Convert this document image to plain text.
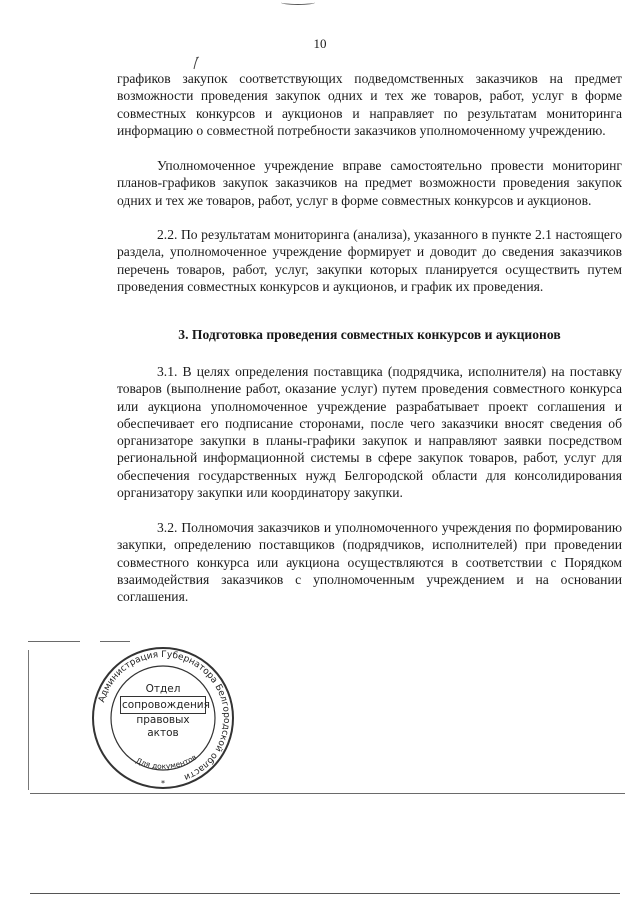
10

графиков закупок соответствующих подведомственных заказчиков на предмет возможности проведения закупок одних и тех же товаров, работ, услуг в форме совместных конкурсов и аукционов и направляет по результатам мониторинга информацию о совместной потребности заказчиков уполномоченному учреждению.

Уполномоченное учреждение вправе самостоятельно провести мониторинг планов-графиков закупок заказчиков на предмет возможности проведения закупок одних и тех же товаров, работ, услуг в форме совместных конкурсов и аукционов.

2.2. По результатам мониторинга (анализа), указанного в пункте 2.1 настоящего раздела, уполномоченное учреждение формирует и доводит до сведения заказчиков перечень товаров, работ, услуг, закупки которых планируется осуществить путем проведения совместных конкурсов и аукционов, и график их проведения.

3. Подготовка проведения совместных конкурсов и аукционов

3.1. В целях определения поставщика (подрядчика, исполнителя) на поставку товаров (выполнение работ, оказание услуг) путем проведения совместного конкурса или аукциона уполномоченное учреждение разрабатывает проект соглашения и обеспечивает его подписание сторонами, после чего заказчики вносят сведения об организаторе закупки в планы-графики закупок и направляют заявки посредством региональной информационной системы в сфере закупок товаров, работ, услуг для обеспечения государственных нужд Белгородской области для консолидирования организатору закупки или координатору закупки.

3.2. Полномочия заказчиков и уполномоченного учреждения по формированию закупки, определению поставщиков (подрядчиков, исполнителей) при проведении совместного конкурса или аукциона осуществляются в соответствии с Порядком взаимодействия заказчиков с уполномоченным учреждением и на основании соглашения.

Администрация Губернатора Белгородской области
Для документов
*
Отдел
сопровождения
правовых
актов
